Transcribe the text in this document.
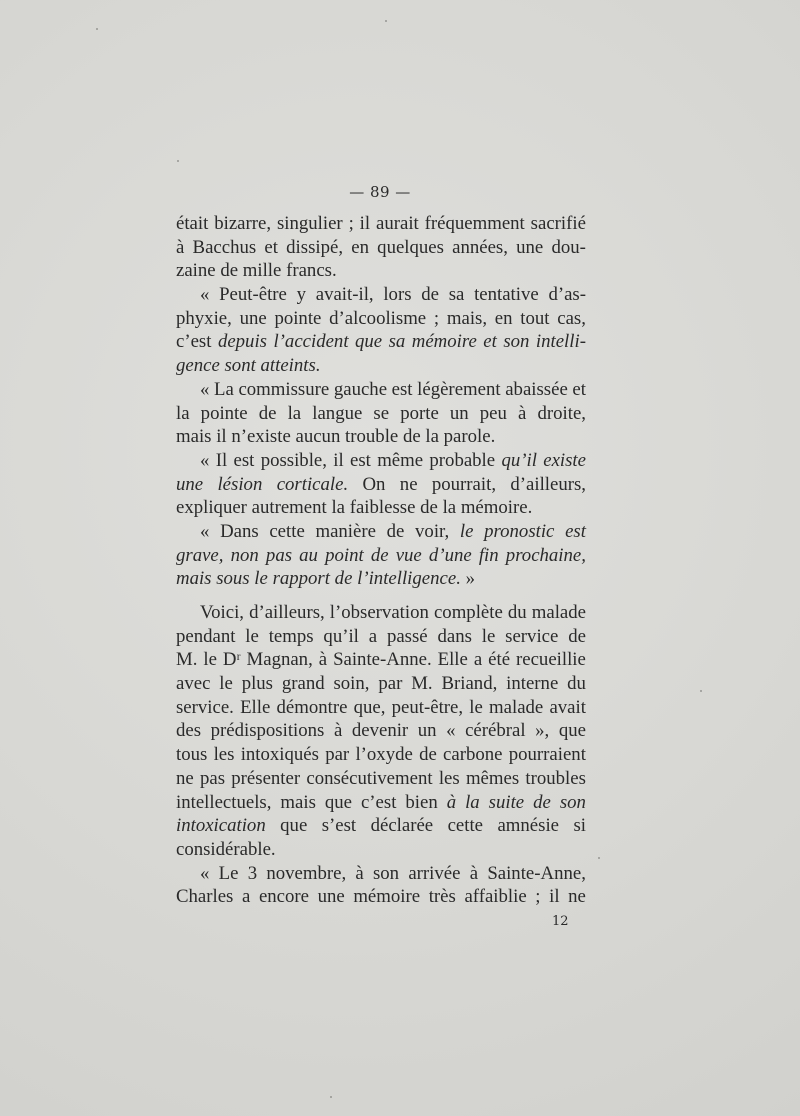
— 89 —
était bizarre, singulier ; il aurait fréquemment sacrifié
à Bacchus et dissipé, en quelques années, une dou-
zaine
de
mille
francs.

« Peut-être y avait-il, lors de sa tentative d’as-
phyxie, une pointe d’alcoolisme ; mais, en tout cas,
c’est depuis l’accident que sa mémoire et son intelli-
gence
sont
atteints.

« La commissure gauche est légèrement abaissée et
la pointe de la langue se porte un peu à droite,
mais
il
n’existe
aucun
trouble
de
la
parole.

« Il est possible, il est même probable qu’il existe
une lésion corticale. On ne pourrait, d’ailleurs,
expliquer
autrement
la
faiblesse
de
la
mémoire.

« Dans cette manière de voir, le pronostic est
grave, non pas au point de vue d’une fin prochaine,
mais
sous
le
rapport
de
l’intelligence.
»

Voici, d’ailleurs, l’observation complète du malade
pendant le temps qu’il a passé dans le service de
M. le Dʳ Magnan, à Sainte-Anne. Elle a été recueillie
avec le plus grand soin, par M. Briand, interne du
service. Elle démontre que, peut-être, le malade avait
des prédispositions à devenir un « cérébral », que
tous les intoxiqués par l’oxyde de carbone pourraient
ne pas présenter consécutivement les mêmes troubles
intellectuels, mais que c’est bien à la suite de son
intoxication que s’est déclarée cette amnésie si
considérable.

« Le 3 novembre, à son arrivée à Sainte-Anne,
Charles a encore une mémoire très affaiblie ; il ne
12
